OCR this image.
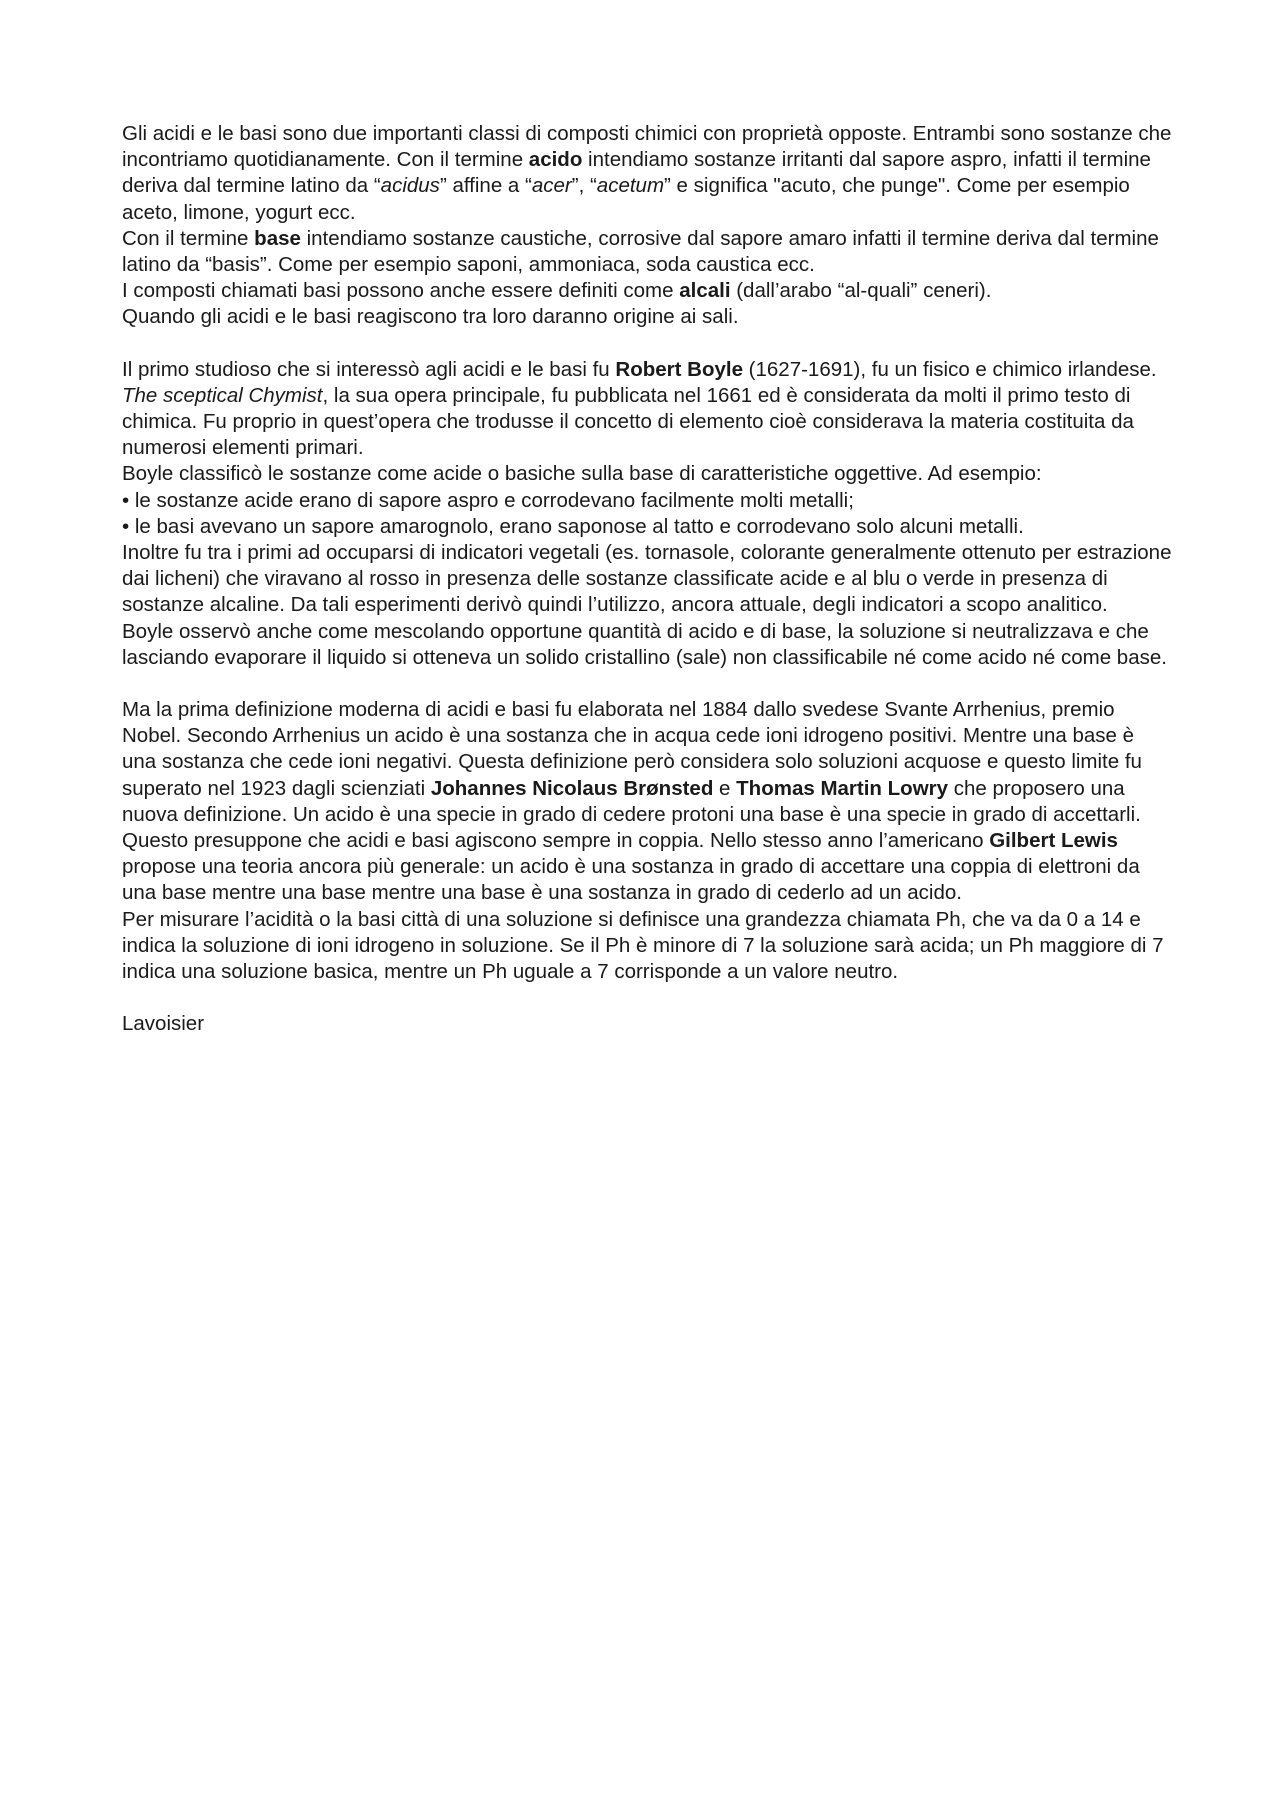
Gli acidi e le basi sono due importanti classi di composti chimici con proprietà opposte. Entrambi sono sostanze che incontriamo quotidianamente. Con il termine acido intendiamo sostanze irritanti dal sapore aspro, infatti il termine deriva dal termine latino da “acidus” affine a “acer”, “acetum” e significa "acuto, che punge". Come per esempio aceto, limone, yogurt ecc.

Con il termine base intendiamo sostanze caustiche, corrosive dal sapore amaro infatti il termine deriva dal termine latino da “basis”. Come per esempio saponi, ammoniaca, soda caustica ecc.

I composti chiamati basi possono anche essere definiti come alcali (dall’arabo “al-quali” ceneri).

Quando gli acidi e le basi reagiscono tra loro daranno origine ai sali.

Il primo studioso che si interessò agli acidi e le basi fu Robert Boyle (1627-1691), fu un fisico e chimico irlandese.

The sceptical Chymist, la sua opera principale, fu pubblicata nel 1661 ed è considerata da molti il primo testo di chimica. Fu proprio in quest’opera che trodusse il concetto di elemento cioè considerava la materia costituita da numerosi elementi primari.

Boyle classificò le sostanze come acide o basiche sulla base di caratteristiche oggettive. Ad esempio:

• le sostanze acide erano di sapore aspro e corrodevano facilmente molti metalli;

• le basi avevano un sapore amarognolo, erano saponose al tatto e corrodevano solo alcuni metalli.

Inoltre fu tra i primi ad occuparsi di indicatori vegetali (es. tornasole, colorante generalmente ottenuto per estrazione dai licheni) che viravano al rosso in presenza delle sostanze classificate acide e al blu o verde in presenza di sostanze alcaline. Da tali esperimenti derivò quindi l’utilizzo, ancora attuale, degli indicatori a scopo analitico.

Boyle osservò anche come mescolando opportune quantità di acido e di base, la soluzione si neutralizzava e che lasciando evaporare il liquido si otteneva un solido cristallino (sale) non classificabile né come acido né come base.

Ma la prima definizione moderna di acidi e basi fu elaborata nel 1884 dallo svedese Svante Arrhenius, premio Nobel. Secondo Arrhenius un acido è una sostanza che in acqua cede ioni idrogeno positivi. Mentre una base è una sostanza che cede ioni negativi. Questa definizione però considera solo soluzioni acquose e questo limite fu superato nel 1923 dagli scienziati Johannes Nicolaus Brønsted e Thomas Martin Lowry che proposero una nuova definizione. Un acido è una specie in grado di cedere protoni una base è una specie in grado di accettarli.

Questo presuppone che acidi e basi agiscono sempre in coppia. Nello stesso anno l’americano Gilbert Lewis propose una teoria ancora più generale: un acido è una sostanza in grado di accettare una coppia di elettroni da una base mentre una base mentre una base è una sostanza in grado di cederlo ad un acido.

Per misurare l’acidità o la basi città di una soluzione si definisce una grandezza chiamata Ph, che va da 0 a 14 e indica la soluzione di ioni idrogeno in soluzione. Se il Ph è minore di 7 la soluzione sarà acida; un Ph maggiore di 7 indica una soluzione basica, mentre un Ph uguale a 7 corrisponde a un valore neutro.

Lavoisier
